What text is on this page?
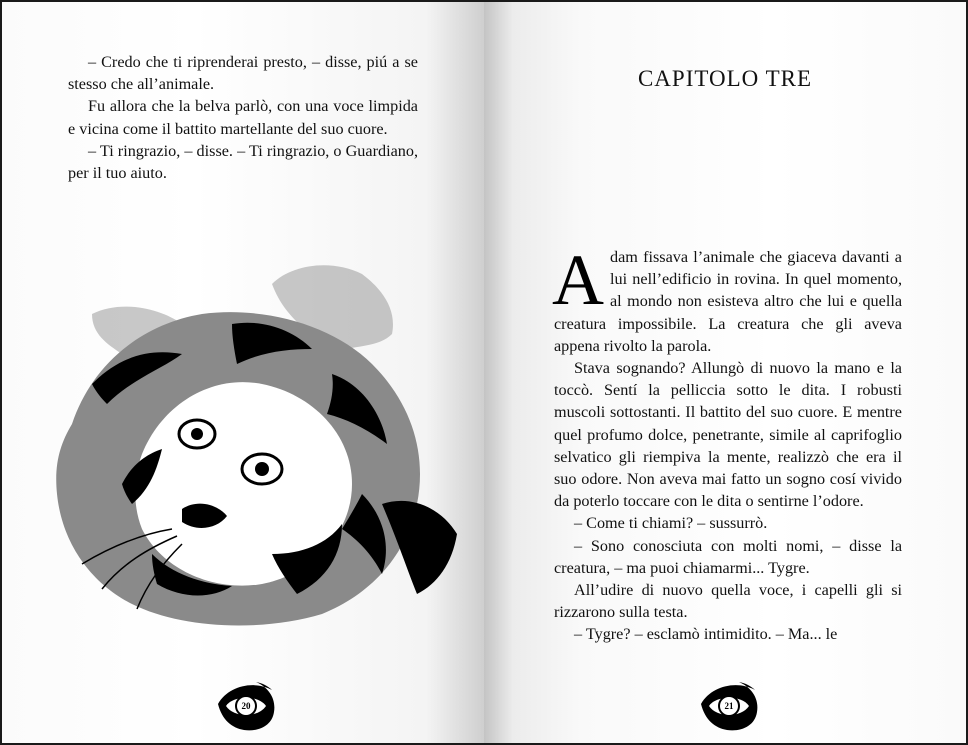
– Credo che ti riprenderai presto, – disse, piú a se stesso che all’animale.

Fu allora che la belva parlò, con una voce limpida e vicina come il battito martellante del suo cuore.

– Ti ringrazio, – disse. – Ti ringrazio, o Guardiano, per il tuo aiuto.

20
CAPITOLO TRE

Adam fissava l’animale che giaceva davanti a lui nell’edificio in rovina. In quel momento, al mondo non esisteva altro che lui e quella creatura impossibile. La creatura che gli aveva appena rivolto la parola.

Stava sognando? Allungò di nuovo la mano e la toccò. Sentí la pelliccia sotto le dita. I robusti muscoli sottostanti. Il battito del suo cuore. E mentre quel profumo dolce, penetrante, simile al caprifoglio selvatico gli riempiva la mente, realizzò che era il suo odore. Non aveva mai fatto un sogno cosí vivido da poterlo toccare con le dita o sentirne l’odore.

– Come ti chiami? – sussurrò.

– Sono conosciuta con molti nomi, – disse la creatura, – ma puoi chiamarmi... Tygre.

All’udire di nuovo quella voce, i capelli gli si rizzarono sulla testa.

– Tygre? – esclamò intimidito. – Ma... le

21
